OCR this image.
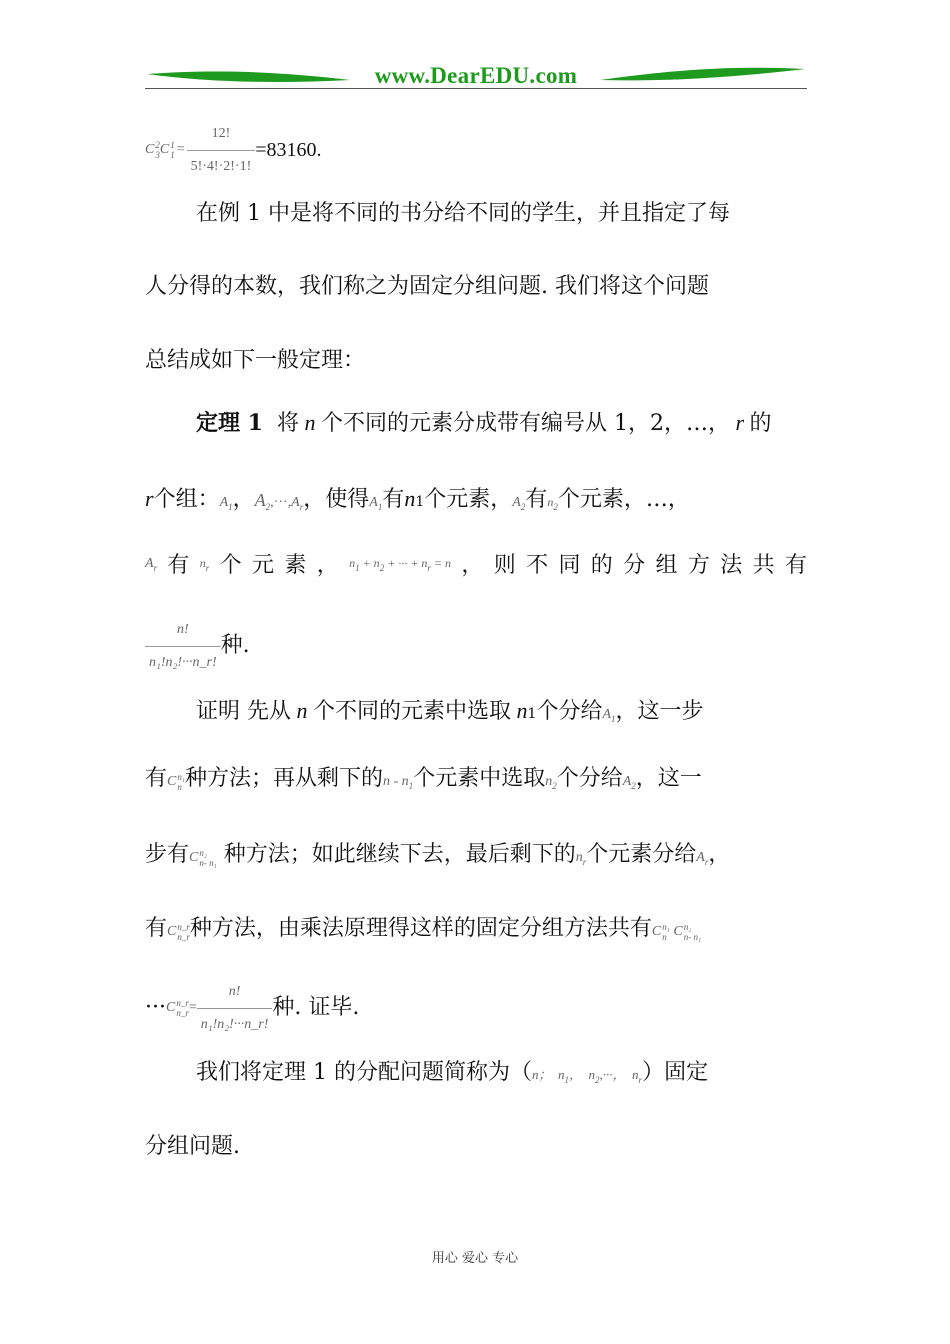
www.DearEDU.com
C 2
3 C 1
$1 = \frac{12!}{5!\cdot 4!\cdot 2!\cdot 1!} =83160$.
在例 1 中是将不同的书分给不同的学生，并且指定了每
人分得的本数，我们称之为固定分组问题. 我们将这个问题
总结成如下一般定理：
定理 1 将 n 个不同的元素分成带有编号从 1，2，…， r 的
r个组：$A_1$，$A_2,\cdot\cdot\cdot,A_r$，使得$A_1$有n1个元素，$A_2$有$n_2$个元素，…，
$A_r$ 有 $n_r$ 个 元 素 ， $n_1 + n_2$ + ··· + $n_r = n$ ， 则 不 同 的 分 组 方 法 共 有
$\frac{n!}{\text{n₁!n₂!···n\_r!}}$ 种.
证明 先从 n 个不同的元素中选取 n1个分给$A_1$，这一步
有C n₁
n 种方法；再从剩下的n - $n_1$个元素中选取$n_2$个分给$A_2$，这一
步有C n₂
n- n₁ 种方法；如此继续下去，最后剩下的$n_r$个元素分给$A_r$，
有C n_r
n_r 种方法，由乘法原理得这样的固定分组方法共有C n₁
n C n₂
n- n₁
··· C n_r
n_r = $\frac{n!}{\text{n₁!n₂!···n\_r!}}$ 种. 证毕.
我们将定理 1 的分配问题简称为（n；  $n_1$，  $n_2,\cdot\cdot\cdot$，  $n_r$）固定
分组问题.
用心 爱心 专心
